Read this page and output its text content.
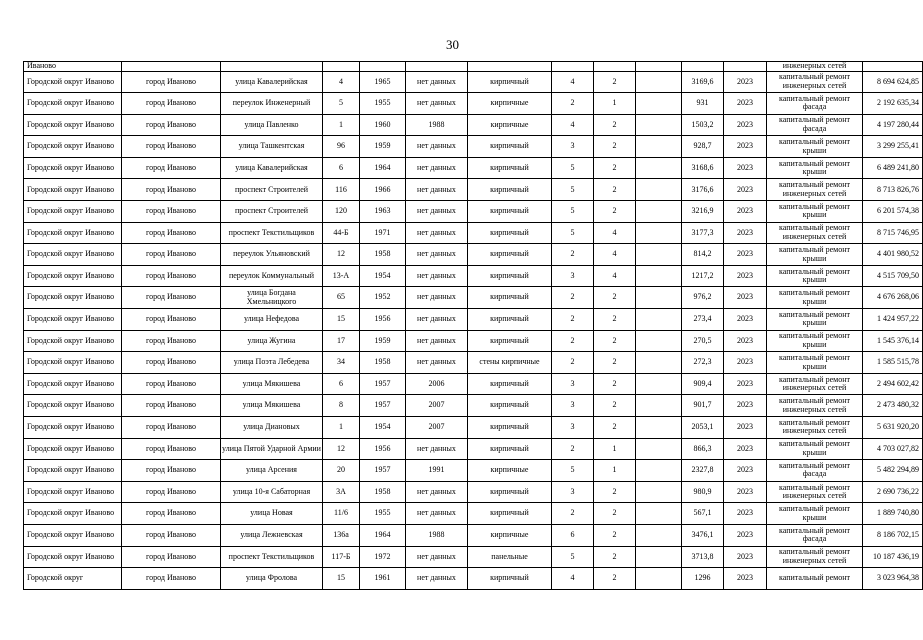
30
Иваново												инженерных сетей	
Городской округ Иваново	город Иваново	улица Кавалерийская	4	1965	нет данных	кирпичный	4	2		3169,6	2023	капитальный ремонт инженерных сетей	8 694 624,85
Городской округ Иваново	город Иваново	переулок Инженерный	5	1955	нет данных	кирпичные	2	1		931	2023	капитальный ремонт фасада	2 192 635,34
Городской округ Иваново	город Иваново	улица Павленко	1	1960	1988	кирпичные	4	2		1503,2	2023	капитальный ремонт фасада	4 197 280,44
Городской округ Иваново	город Иваново	улица Ташкентская	96	1959	нет данных	кирпичный	3	2		928,7	2023	капитальный ремонт крыши	3 299 255,41
Городской округ Иваново	город Иваново	улица Кавалерийская	6	1964	нет данных	кирпичный	5	2		3168,6	2023	капитальный ремонт крыши	6 489 241,80
Городской округ Иваново	город Иваново	проспект Строителей	116	1966	нет данных	кирпичный	5	2		3176,6	2023	капитальный ремонт инженерных сетей	8 713 826,76
Городской округ Иваново	город Иваново	проспект Строителей	120	1963	нет данных	кирпичный	5	2		3216,9	2023	капитальный ремонт крыши	6 201 574,38
Городской округ Иваново	город Иваново	проспект Текстильщиков	44-Б	1971	нет данных	кирпичный	5	4		3177,3	2023	капитальный ремонт инженерных сетей	8 715 746,95
Городской округ Иваново	город Иваново	переулок Ульяновский	12	1958	нет данных	кирпичный	2	4		814,2	2023	капитальный ремонт крыши	4 401 980,52
Городской округ Иваново	город Иваново	переулок Коммунальный	13-А	1954	нет данных	кирпичный	3	4		1217,2	2023	капитальный ремонт крыши	4 515 709,50
Городской округ Иваново	город Иваново	улица Богдана Хмельницкого	65	1952	нет данных	кирпичный	2	2		976,2	2023	капитальный ремонт крыши	4 676 268,06
Городской округ Иваново	город Иваново	улица Нефедова	15	1956	нет данных	кирпичный	2	2		273,4	2023	капитальный ремонт крыши	1 424 957,22
Городской округ Иваново	город Иваново	улица Жугина	17	1959	нет данных	кирпичный	2	2		270,5	2023	капитальный ремонт крыши	1 545 376,14
Городской округ Иваново	город Иваново	улица Поэта Лебедева	34	1958	нет данных	стены кирпичные	2	2		272,3	2023	капитальный ремонт крыши	1 585 515,78
Городской округ Иваново	город Иваново	улица Мякишева	6	1957	2006	кирпичный	3	2		909,4	2023	капитальный ремонт инженерных сетей	2 494 602,42
Городской округ Иваново	город Иваново	улица Мякишева	8	1957	2007	кирпичный	3	2		901,7	2023	капитальный ремонт инженерных сетей	2 473 480,32
Городской округ Иваново	город Иваново	улица Диановых	1	1954	2007	кирпичный	3	2		2053,1	2023	капитальный ремонт инженерных сетей	5 631 920,20
Городской округ Иваново	город Иваново	улица Пятой Ударной Армии	12	1956	нет данных	кирпичный	2	1		866,3	2023	капитальный ремонт крыши	4 703 027,82
Городской округ Иваново	город Иваново	улица Арсения	20	1957	1991	кирпичные	5	1		2327,8	2023	капитальный ремонт фасада	5 482 294,89
Городской округ Иваново	город Иваново	улица 10-я Сабаторная	3А	1958	нет данных	кирпичный	3	2		980,9	2023	капитальный ремонт инженерных сетей	2 690 736,22
Городской округ Иваново	город Иваново	улица Новая	11/6	1955	нет данных	кирпичный	2	2		567,1	2023	капитальный ремонт крыши	1 889 740,80
Городской округ Иваново	город Иваново	улица Лежневская	136а	1964	1988	кирпичные	6	2		3476,1	2023	капитальный ремонт фасада	8 186 702,15
Городской округ Иваново	город Иваново	проспект Текстильщиков	117-Б	1972	нет данных	панельные	5	2		3713,8	2023	капитальный ремонт инженерных сетей	10 187 436,19
Городской округ	город Иваново	улица Фролова	15	1961	нет данных	кирпичный	4	2		1296	2023	капитальный ремонт	3 023 964,38
